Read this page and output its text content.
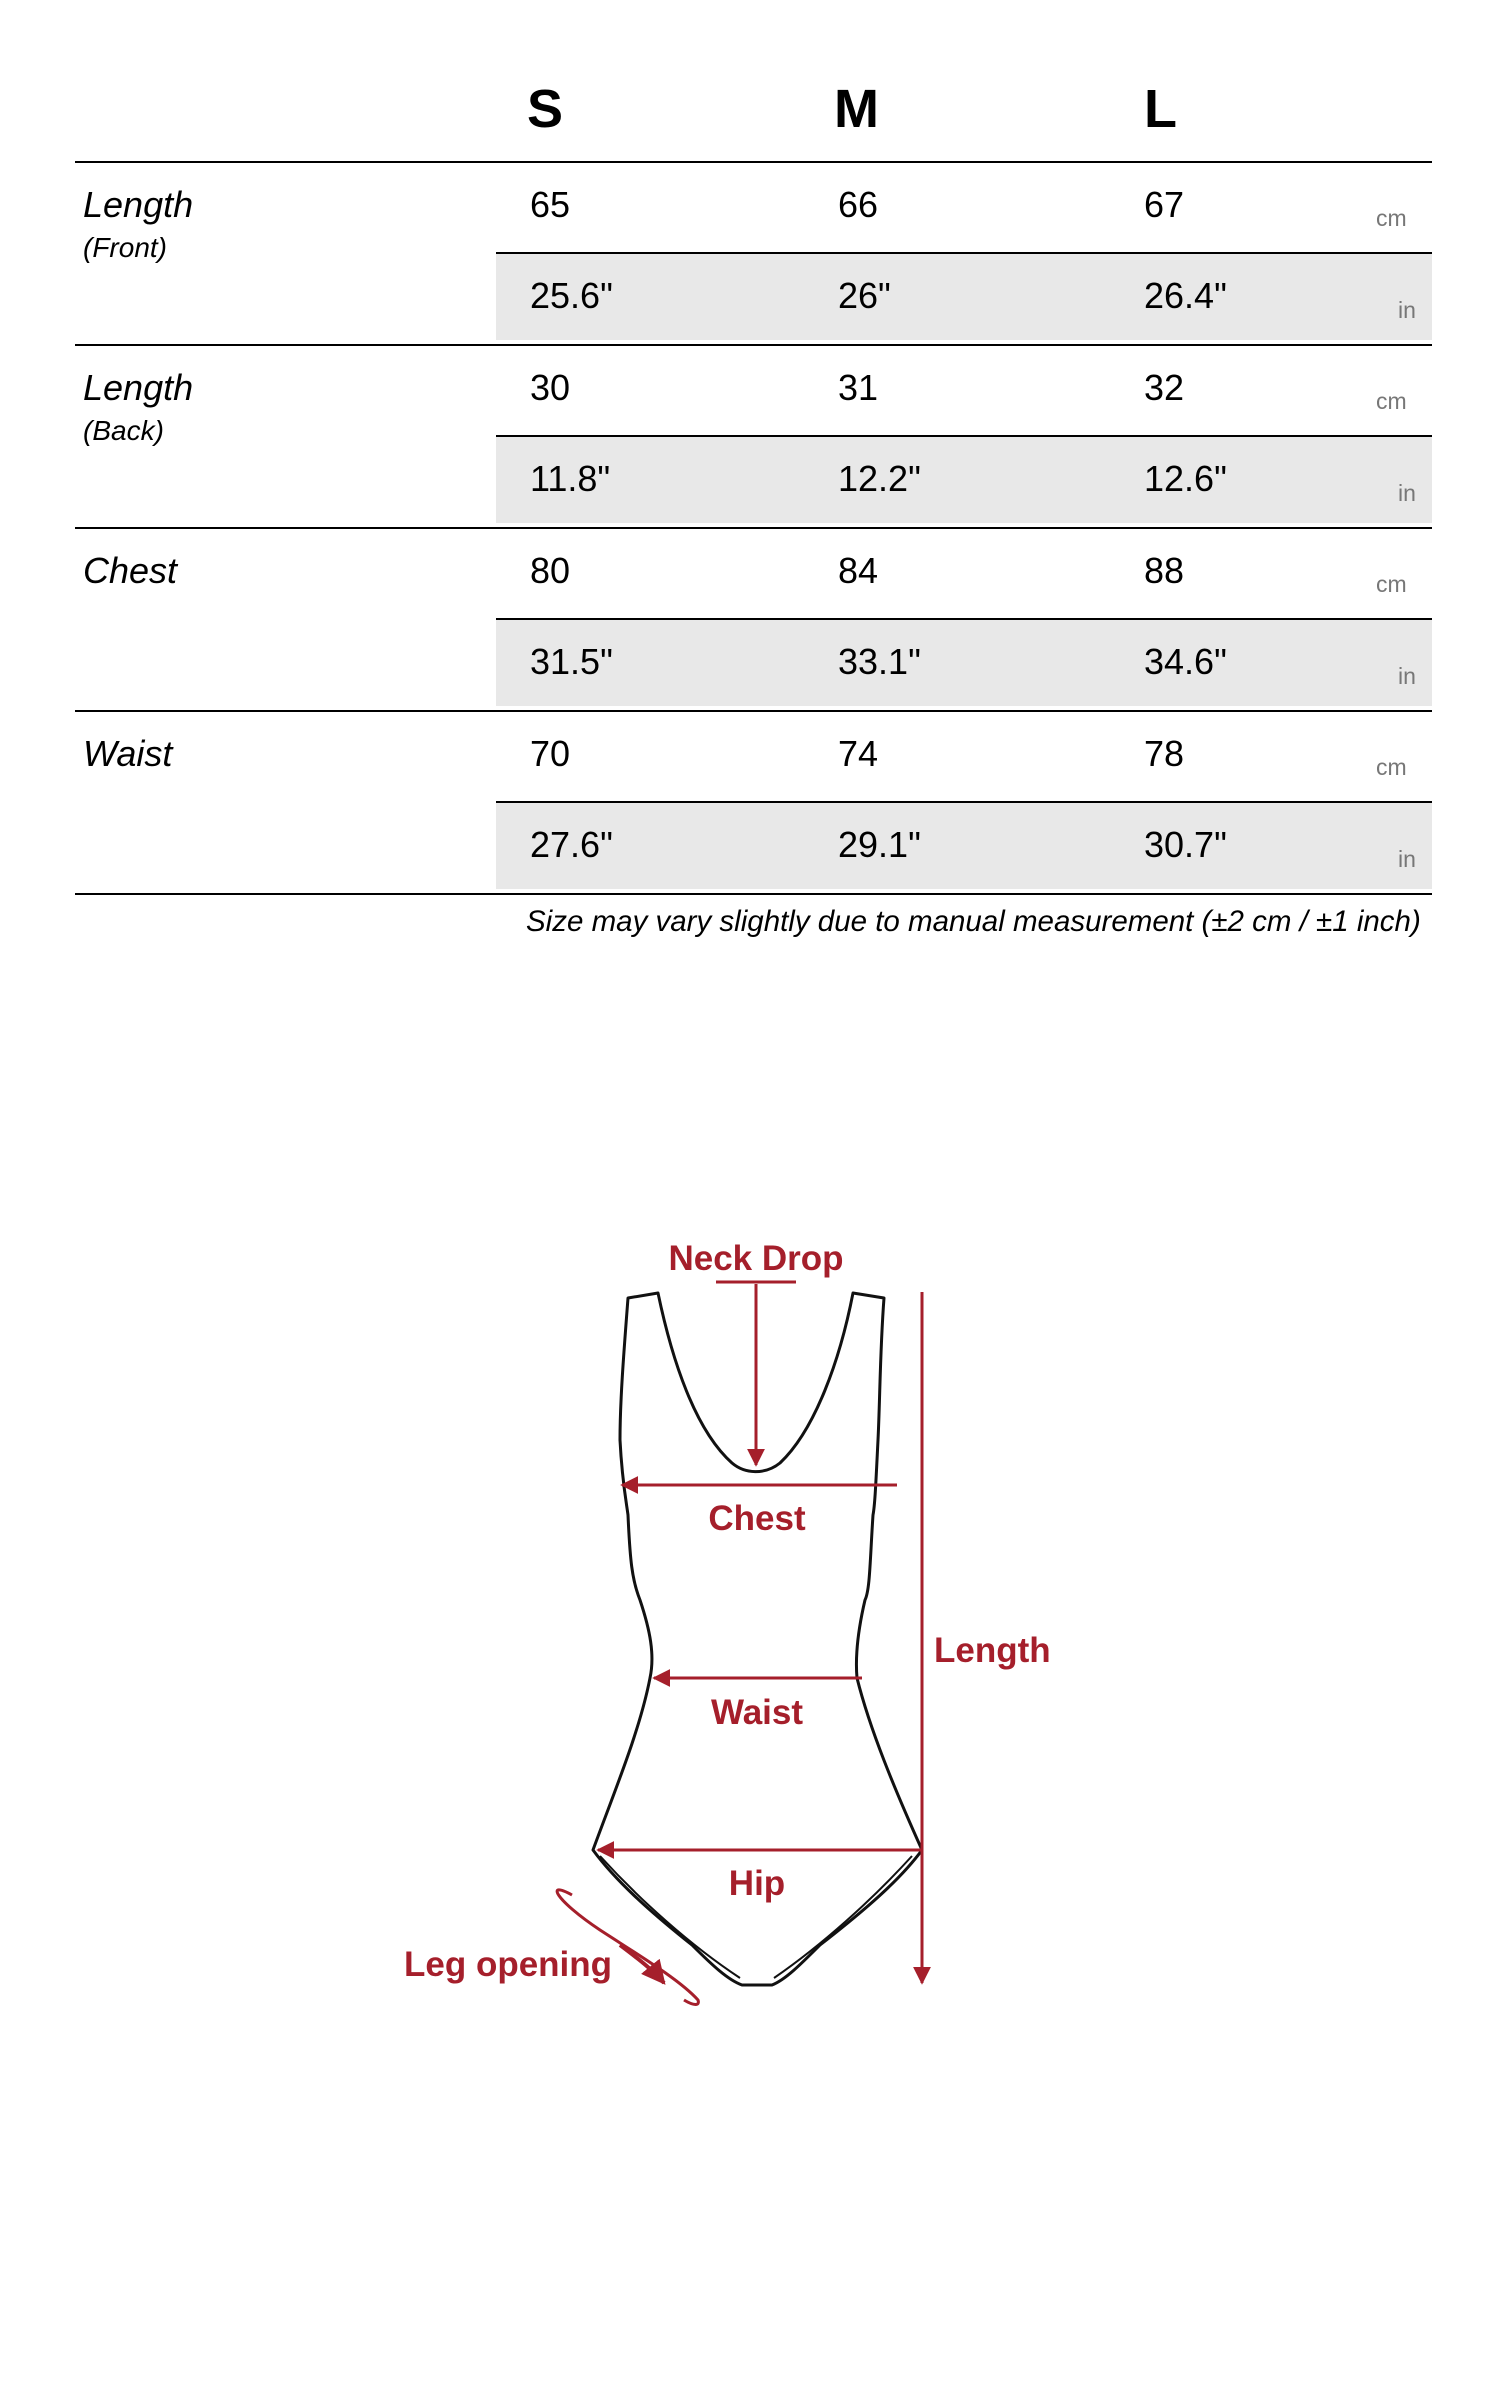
S	M	L
Length
(Front)
65	66	67	cm
25.6"	26"	26.4"	in
Length
(Back)
30	31	32	cm
11.8"	12.2"	12.6"	in
Chest	80	84	88	cm
31.5"	33.1"	34.6"	in
Waist	70	74	78	cm
27.6"	29.1"	30.7"	in
Size may vary slightly due to manual measurement (±2 cm / ±1 inch)
Neck Drop
Chest
Waist
Hip
Length
Leg opening
